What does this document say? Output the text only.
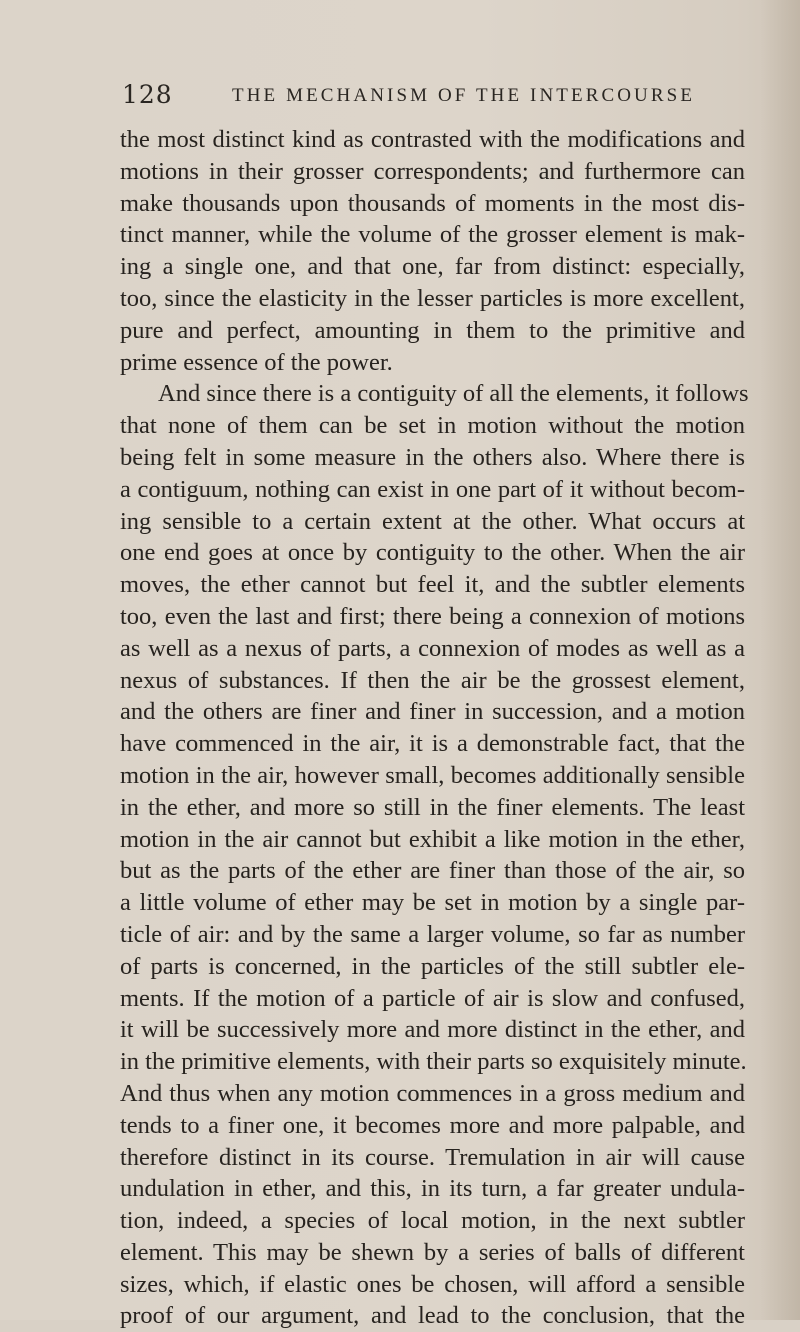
128	THE MECHANISM OF THE INTERCOURSE
the most distinct kind as contrasted with the modifications and
motions in their grosser correspondents; and furthermore can
make thousands upon thousands of moments in the most dis-
tinct manner, while the volume of the grosser element is mak-
ing a single one, and that one, far from distinct: especially,
too, since the elasticity in the lesser particles is more excellent,
pure and perfect, amounting in them to the primitive and
prime essence of the power.
And since there is a contiguity of all the elements, it follows
that none of them can be set in motion without the motion
being felt in some measure in the others also. Where there is
a contiguum, nothing can exist in one part of it without becom-
ing sensible to a certain extent at the other. What occurs at
one end goes at once by contiguity to the other. When the air
moves, the ether cannot but feel it, and the subtler elements
too, even the last and first; there being a connexion of motions
as well as a nexus of parts, a connexion of modes as well as a
nexus of substances. If then the air be the grossest element,
and the others are finer and finer in succession, and a motion
have commenced in the air, it is a demonstrable fact, that the
motion in the air, however small, becomes additionally sensible
in the ether, and more so still in the finer elements. The least
motion in the air cannot but exhibit a like motion in the ether,
but as the parts of the ether are finer than those of the air, so
a little volume of ether may be set in motion by a single par-
ticle of air: and by the same a larger volume, so far as number
of parts is concerned, in the particles of the still subtler ele-
ments. If the motion of a particle of air is slow and confused,
it will be successively more and more distinct in the ether, and
in the primitive elements, with their parts so exquisitely minute.
And thus when any motion commences in a gross medium and
tends to a finer one, it becomes more and more palpable, and
therefore distinct in its course. Tremulation in air will cause
undulation in ether, and this, in its turn, a far greater undula-
tion, indeed, a species of local motion, in the next subtler
element. This may be shewn by a series of balls of different
sizes, which, if elastic ones be chosen, will afford a sensible
proof of our argument, and lead to the conclusion, that the
